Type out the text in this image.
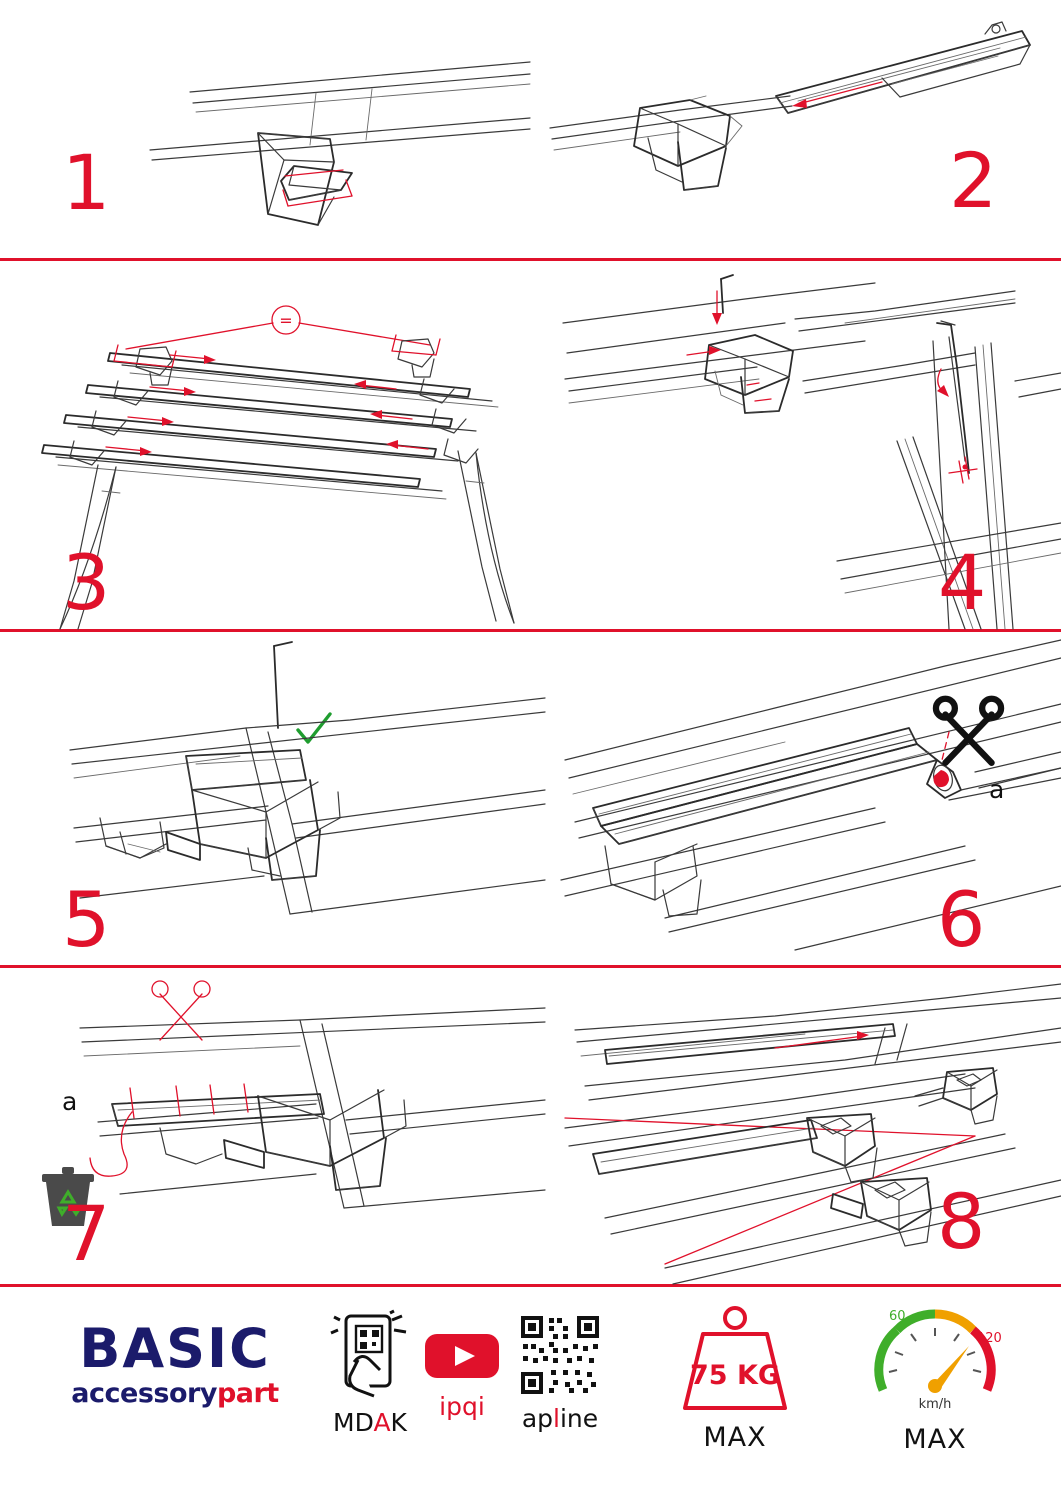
1	2
=
3	4
5
a
6
a
7	8
BASIC
accessorypart
MDAK
ipqi	apline
75 KG
MAX
60
120
km/h
MAX
